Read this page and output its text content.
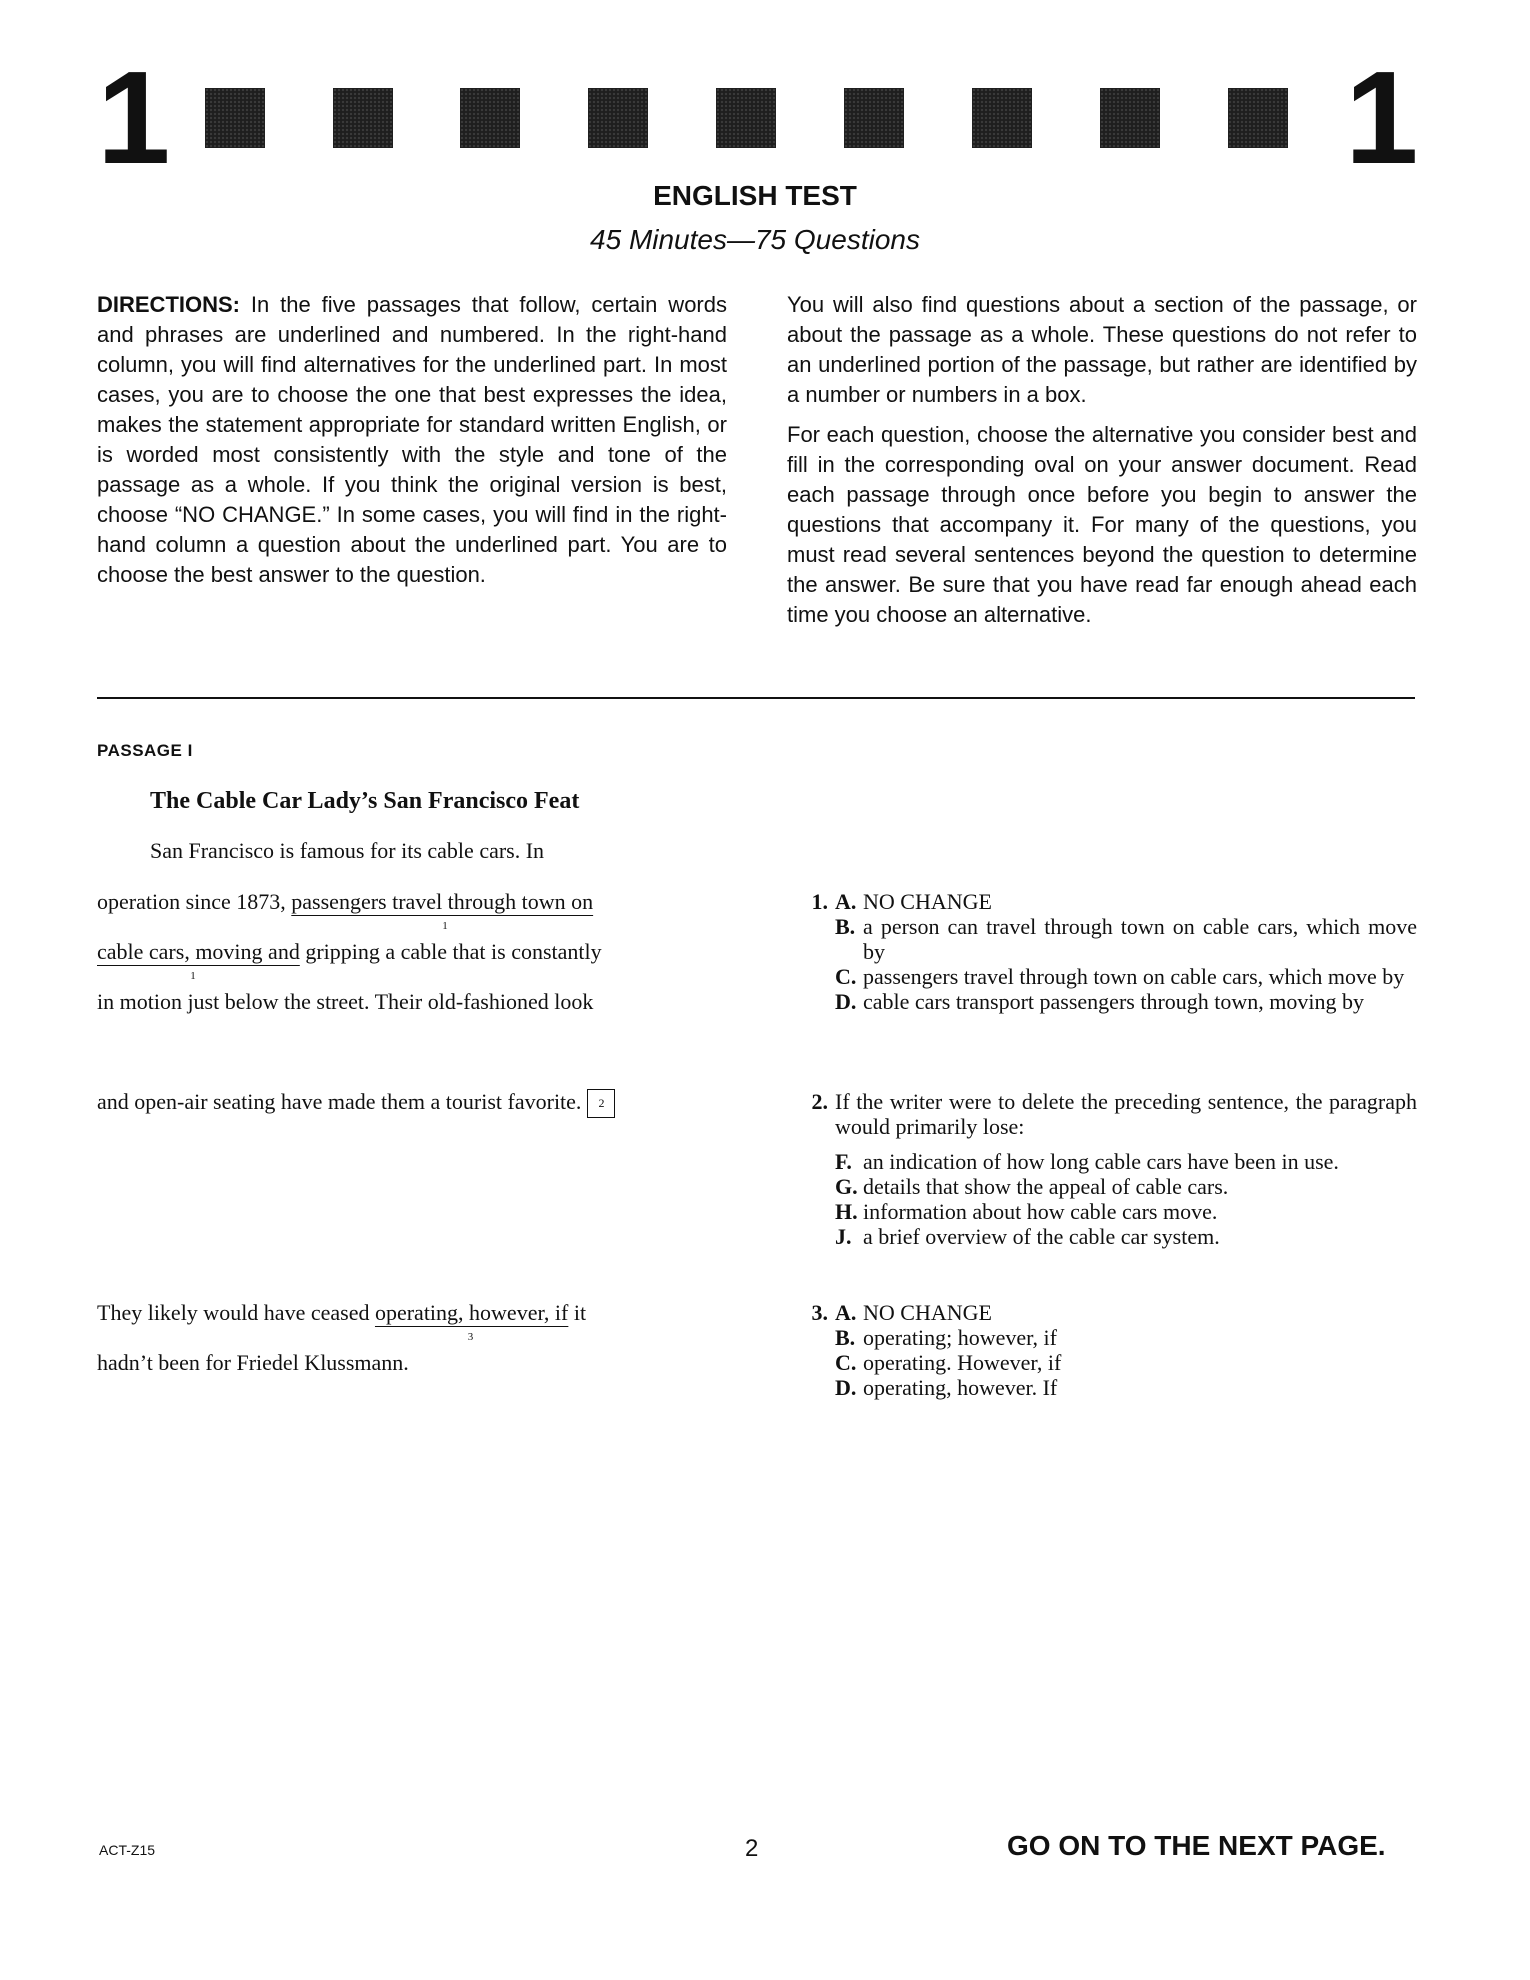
1	1
ENGLISH TEST
45 Minutes—75 Questions

DIRECTIONS: In the five passages that follow, certain words and phrases are underlined and numbered. In the right-hand column, you will find alternatives for the underlined part. In most cases, you are to choose the one that best expresses the idea, makes the statement appropriate for standard written English, or is worded most consistently with the style and tone of the passage as a whole. If you think the original version is best, choose “NO CHANGE.” In some cases, you will find in the right-hand column a question about the underlined part. You are to choose the best answer to the question.

You will also find questions about a section of the passage, or about the passage as a whole. These questions do not refer to an underlined portion of the passage, but rather are identified by a number or numbers in a box.

For each question, choose the alternative you consider best and fill in the corresponding oval on your answer document. Read each passage through once before you begin to answer the questions that accompany it. For many of the questions, you must read several sentences beyond the question to determine the answer. Be sure that you have read far enough ahead each time you choose an alternative.

PASSAGE I
The Cable Car Lady’s San Francisco Feat
San Francisco is famous for its cable cars. In
operation since 1873, passengers travel through town on
1
cable cars, moving and
1
gripping a cable that is constantly
in motion just below the street. Their old-fashioned look
and open-air seating have made them a tourist favorite. 2
They likely would have ceased operating, however, if
3
it
hadn’t been for Friedel Klussmann.
1. A. NO CHANGE
B. a person can travel through town on cable cars, which move by
C. passengers travel through town on cable cars, which move by
D. cable cars transport passengers through town, moving by
2. If the writer were to delete the preceding sentence, the paragraph would primarily lose:
F. an indication of how long cable cars have been in use.
G. details that show the appeal of cable cars.
H. information about how cable cars move.
J. a brief overview of the cable car system.
3. A. NO CHANGE
B. operating; however, if
C. operating. However, if
D. operating, however. If
ACT-Z15	2	GO ON TO THE NEXT PAGE.
